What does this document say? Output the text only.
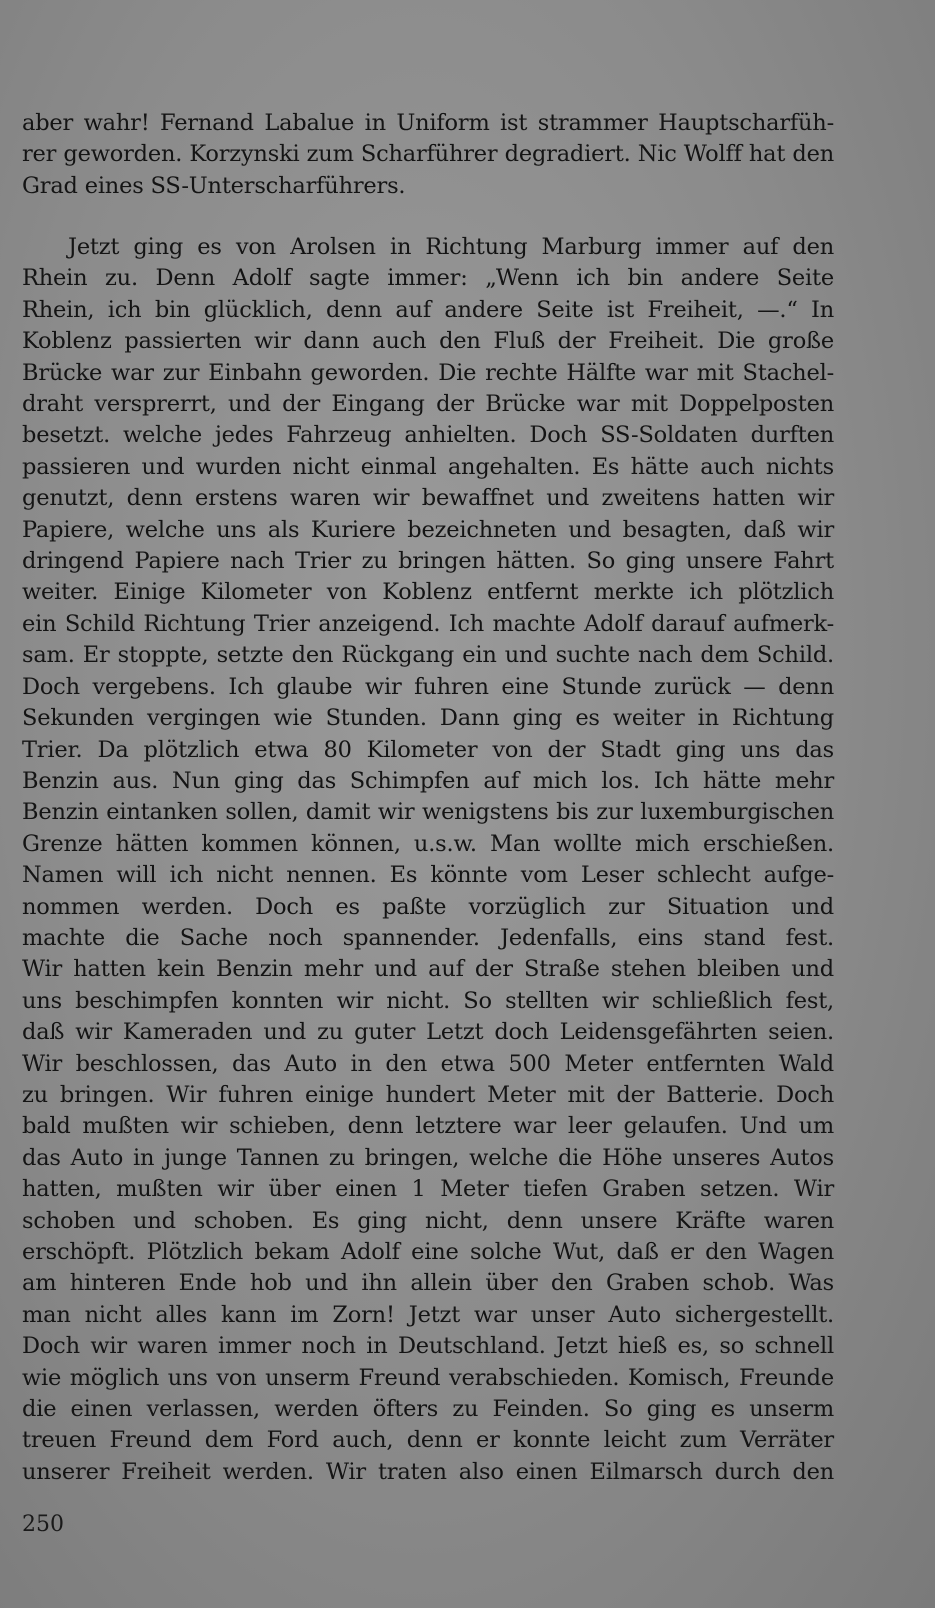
aber wahr! Fernand Labalue in Uniform ist strammer Hauptscharfüh-
rer geworden. Korzynski zum Scharführer degradiert. Nic Wolff hat den
Grad eines SS-Unterscharführers.

Jetzt ging es von Arolsen in Richtung Marburg immer auf den
Rhein zu. Denn Adolf sagte immer: „Wenn ich bin andere Seite
Rhein, ich bin glücklich, denn auf andere Seite ist Freiheit, —.“ In
Koblenz passierten wir dann auch den Fluß der Freiheit. Die große
Brücke war zur Einbahn geworden. Die rechte Hälfte war mit Stachel-
draht versprerrt, und der Eingang der Brücke war mit Doppelposten
besetzt. welche jedes Fahrzeug anhielten. Doch SS-Soldaten durften
passieren und wurden nicht einmal angehalten. Es hätte auch nichts
genutzt, denn erstens waren wir bewaffnet und zweitens hatten wir
Papiere, welche uns als Kuriere bezeichneten und besagten, daß wir
dringend Papiere nach Trier zu bringen hätten. So ging unsere Fahrt
weiter. Einige Kilometer von Koblenz entfernt merkte ich plötzlich
ein Schild Richtung Trier anzeigend. Ich machte Adolf darauf aufmerk-
sam. Er stoppte, setzte den Rückgang ein und suchte nach dem Schild.
Doch vergebens. Ich glaube wir fuhren eine Stunde zurück — denn
Sekunden vergingen wie Stunden. Dann ging es weiter in Richtung
Trier. Da plötzlich etwa 80 Kilometer von der Stadt ging uns das
Benzin aus. Nun ging das Schimpfen auf mich los. Ich hätte mehr
Benzin eintanken sollen, damit wir wenigstens bis zur luxemburgischen
Grenze hätten kommen können, u.s.w. Man wollte mich erschießen.
Namen will ich nicht nennen. Es könnte vom Leser schlecht aufge-
nommen werden. Doch es paßte vorzüglich zur Situation und
machte die Sache noch spannender. Jedenfalls, eins stand fest.
Wir hatten kein Benzin mehr und auf der Straße stehen bleiben und
uns beschimpfen konnten wir nicht. So stellten wir schließlich fest,
daß wir Kameraden und zu guter Letzt doch Leidensgefährten seien.
Wir beschlossen, das Auto in den etwa 500 Meter entfernten Wald
zu bringen. Wir fuhren einige hundert Meter mit der Batterie. Doch
bald mußten wir schieben, denn letztere war leer gelaufen. Und um
das Auto in junge Tannen zu bringen, welche die Höhe unseres Autos
hatten, mußten wir über einen 1 Meter tiefen Graben setzen. Wir
schoben und schoben. Es ging nicht, denn unsere Kräfte waren
erschöpft. Plötzlich bekam Adolf eine solche Wut, daß er den Wagen
am hinteren Ende hob und ihn allein über den Graben schob. Was
man nicht alles kann im Zorn! Jetzt war unser Auto sichergestellt.
Doch wir waren immer noch in Deutschland. Jetzt hieß es, so schnell
wie möglich uns von unserm Freund verabschieden. Komisch, Freunde
die einen verlassen, werden öfters zu Feinden. So ging es unserm
treuen Freund dem Ford auch, denn er konnte leicht zum Verräter
unserer Freiheit werden. Wir traten also einen Eilmarsch durch den

250
